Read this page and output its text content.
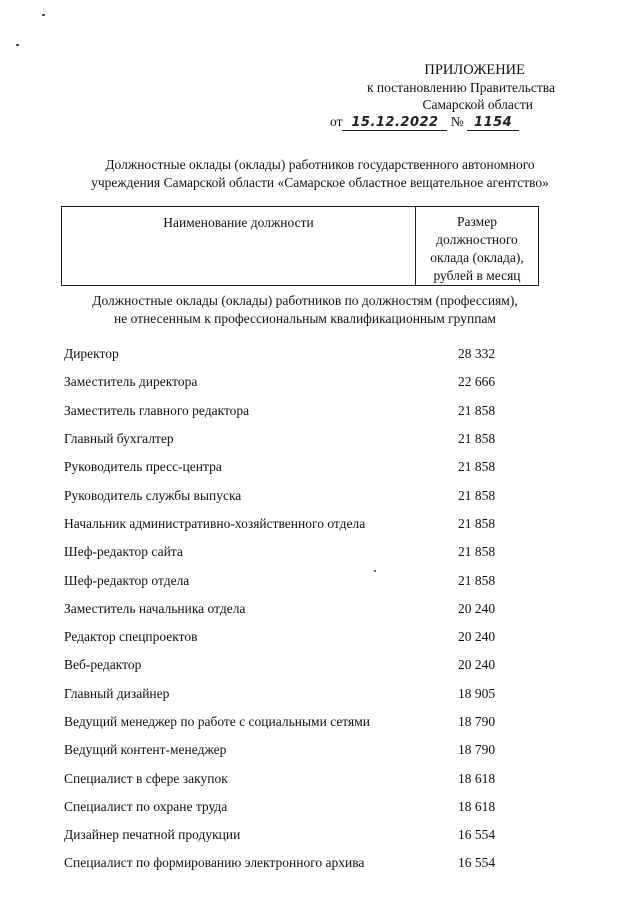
ПРИЛОЖЕНИЕ
к постановлению Правительства
Самарской области
от 15.12.2022 № 1154
Должностные оклады (оклады) работников государственного автономного
учреждения Самарской области «Самарское областное вещательное агентство»
Наименование должности	Размер
должностного
оклада (оклада),
рублей в месяц
Должностные оклады (оклады) работников по должностям (профессиям),
не отнесенным к профессиональным квалификационным группам
Директор	28 332
Заместитель директора	22 666
Заместитель главного редактора	21 858
Главный бухгалтер	21 858
Руководитель пресс-центра	21 858
Руководитель службы выпуска	21 858
Начальник административно-хозяйственного отдела	21 858
Шеф-редактор сайта	21 858
Шеф-редактор отдела	21 858
Заместитель начальника отдела	20 240
Редактор спецпроектов	20 240
Веб-редактор	20 240
Главный дизайнер	18 905
Ведущий менеджер по работе с социальными сетями	18 790
Ведущий контент-менеджер	18 790
Специалист в сфере закупок	18 618
Специалист по охране труда	18 618
Дизайнер печатной продукции	16 554
Специалист по формированию электронного архива	16 554
